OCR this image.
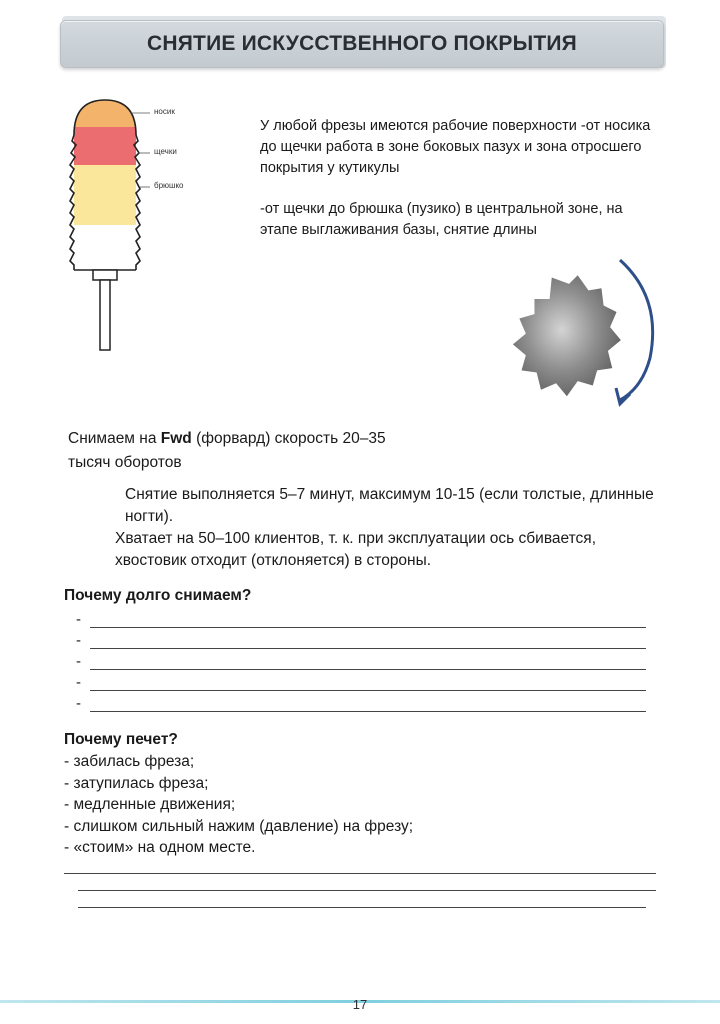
СНЯТИЕ ИСКУССТВЕННОГО ПОКРЫТИЯ
носик
щечки
брюшко

У любой фрезы имеются рабочие поверхности -от носика до щечки работа в зоне боковых пазух и зона отросшего покрытия у кутикулы

-от щечки до брюшка (пузико) в центральной зоне, на этапе выглаживания базы, снятие длины

Снимаем на Fwd (форвард) скорость 20–35
тысяч оборотов
Снятие выполняется 5–7 минут, максимум 10-15 (если толстые, длинные ногти).
Хватает на 50–100 клиентов, т. к. при эксплуатации ось сбивается, хвостовик отходит (отклоняется) в стороны.
Почему долго снимаем?
-
-
-
-
-
Почему печет?
- забилась фреза;
- затупилась фреза;
- медленные движения;
- слишком сильный нажим (давление) на фрезу;
- «стоим» на одном месте.
17
